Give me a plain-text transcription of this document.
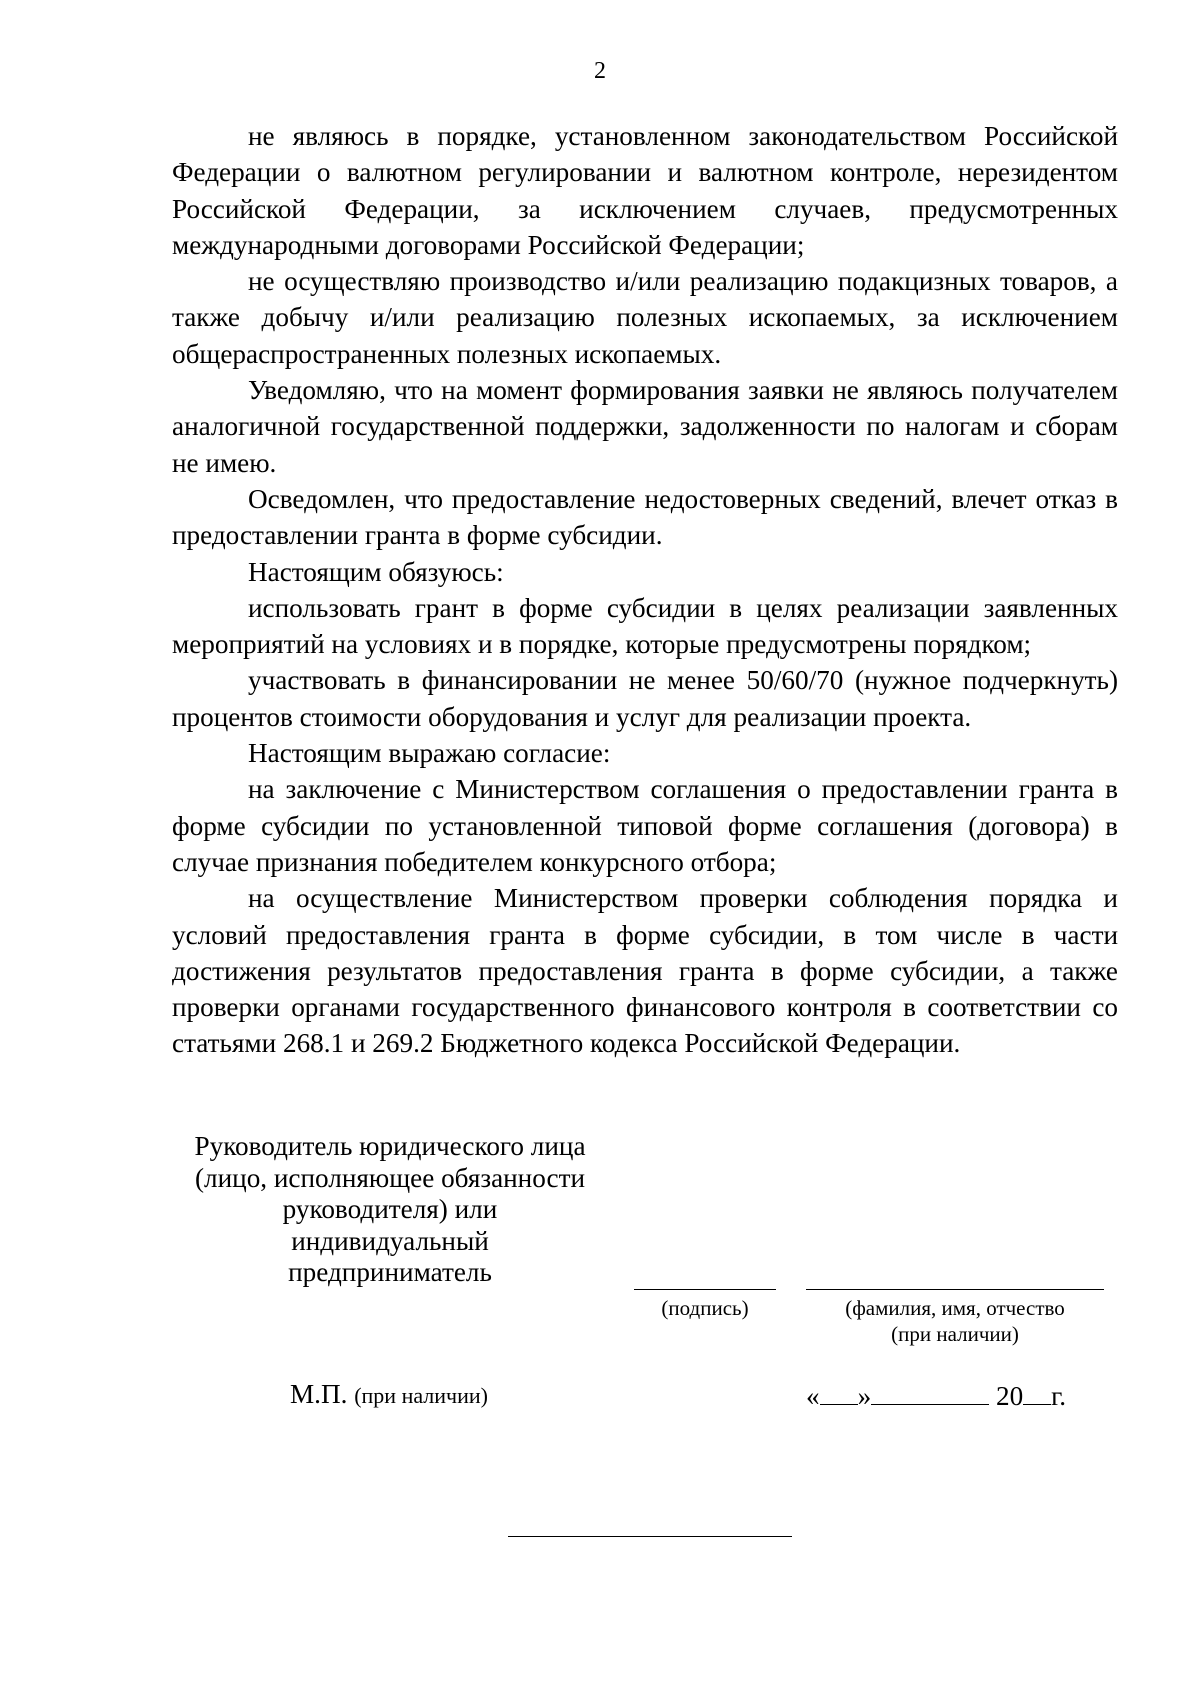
2

не являюсь в порядке, установленном законодательством Российской Федерации о валютном регулировании и валютном контроле, нерезидентом Российской Федерации, за исключением случаев, предусмотренных международными договорами Российской Федерации;

не осуществляю производство и/или реализацию подакцизных товаров, а также добычу и/или реализацию полезных ископаемых, за исключением общераспространенных полезных ископаемых.

Уведомляю, что на момент формирования заявки не являюсь получателем аналогичной государственной поддержки, задолженности по налогам и сборам не имею.

Осведомлен, что предоставление недостоверных сведений, влечет отказ в предоставлении гранта в форме субсидии.

Настоящим обязуюсь:

использовать грант в форме субсидии в целях реализации заявленных мероприятий на условиях и в порядке, которые предусмотрены порядком;

участвовать в финансировании не менее 50/60/70 (нужное подчеркнуть) процентов стоимости оборудования и услуг для реализации проекта.

Настоящим выражаю согласие:

на заключение с Министерством соглашения о предоставлении гранта в форме субсидии по установленной типовой форме соглашения (договора) в случае признания победителем конкурсного отбора;

на осуществление Министерством проверки соблюдения порядка и условий предоставления гранта в форме субсидии, в том числе в части достижения результатов предоставления гранта в форме субсидии, а также проверки органами государственного финансового контроля в соответствии со статьями 268.1 и 269.2 Бюджетного кодекса Российской Федерации.

Руководитель юридического лица
(лицо, исполняющее обязанности
руководителя) или
индивидуальный
предприниматель
(подпись)	(фамилия, имя, отчество
(при наличии)
М.П. (при наличии)	« »	20 г.
